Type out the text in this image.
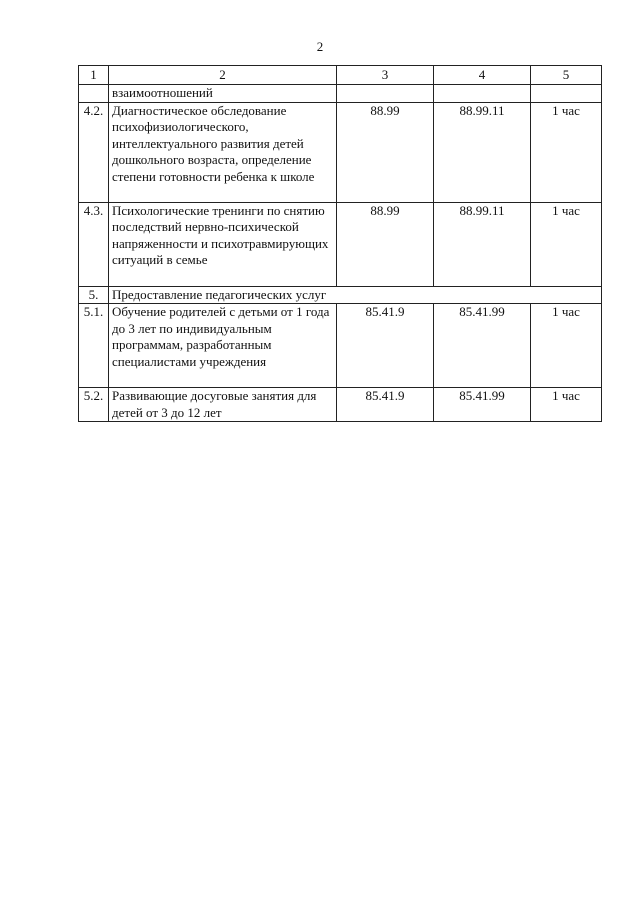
2
1	2	3	4	5
	взаимоотношений			
4.2.	Диагностическое обследование психофизиологического, интеллектуального развития детей дошкольного возраста, определение степени готовности ребенка к школе	88.99	88.99.11	1 час
4.3.	Психологические тренинги по снятию последствий нервно-психической напряженности и психотравмирующих ситуаций в семье	88.99	88.99.11	1 час
5.	Предоставление педагогических услуг			
5.1.	Обучение родителей с детьми от 1 года до 3 лет по индивидуальным программам, разработанным специалистами учреждения	85.41.9	85.41.99	1 час
5.2.	Развивающие досуговые занятия для детей от 3 до 12 лет	85.41.9	85.41.99	1 час
